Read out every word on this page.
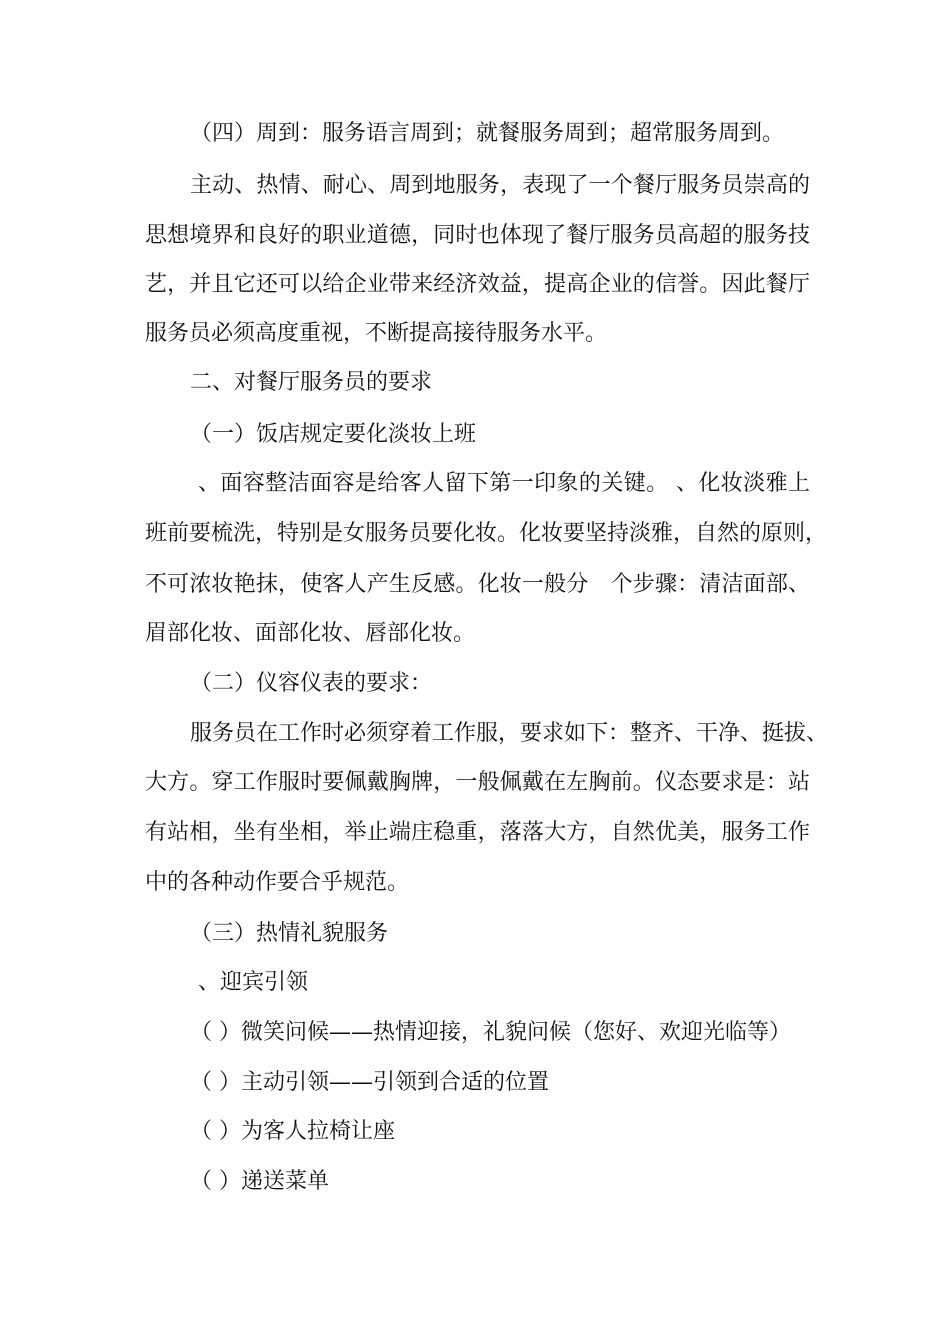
（四）周到：服务语言周到；就餐服务周到；超常服务周到。
主动、热情、耐心、周到地服务，表现了一个餐厅服务员崇高的
思想境界和良好的职业道德，同时也体现了餐厅服务员高超的服务技
艺，并且它还可以给企业带来经济效益，提高企业的信誉。因此餐厅
服务员必须高度重视，不断提高接待服务水平。
二、对餐厅服务员的要求
（一）饭店规定要化淡妆上班
、面容整洁面容是给客人留下第一印象的关键。 、化妆淡雅上
班前要梳洗，特别是女服务员要化妆。化妆要坚持淡雅，自然的原则，
不可浓妆艳抹，使客人产生反感。化妆一般分　个步骤：清洁面部、
眉部化妆、面部化妆、唇部化妆。
（二）仪容仪表的要求：
服务员在工作时必须穿着工作服，要求如下：整齐、干净、挺拔、
大方。穿工作服时要佩戴胸牌，一般佩戴在左胸前。仪态要求是：站
有站相，坐有坐相，举止端庄稳重，落落大方，自然优美，服务工作
中的各种动作要合乎规范。
（三）热情礼貌服务
、迎宾引领
（ ）微笑问候——热情迎接，礼貌问候（您好、欢迎光临等）
（ ）主动引领——引领到合适的位置
（ ）为客人拉椅让座
（ ）递送菜单
